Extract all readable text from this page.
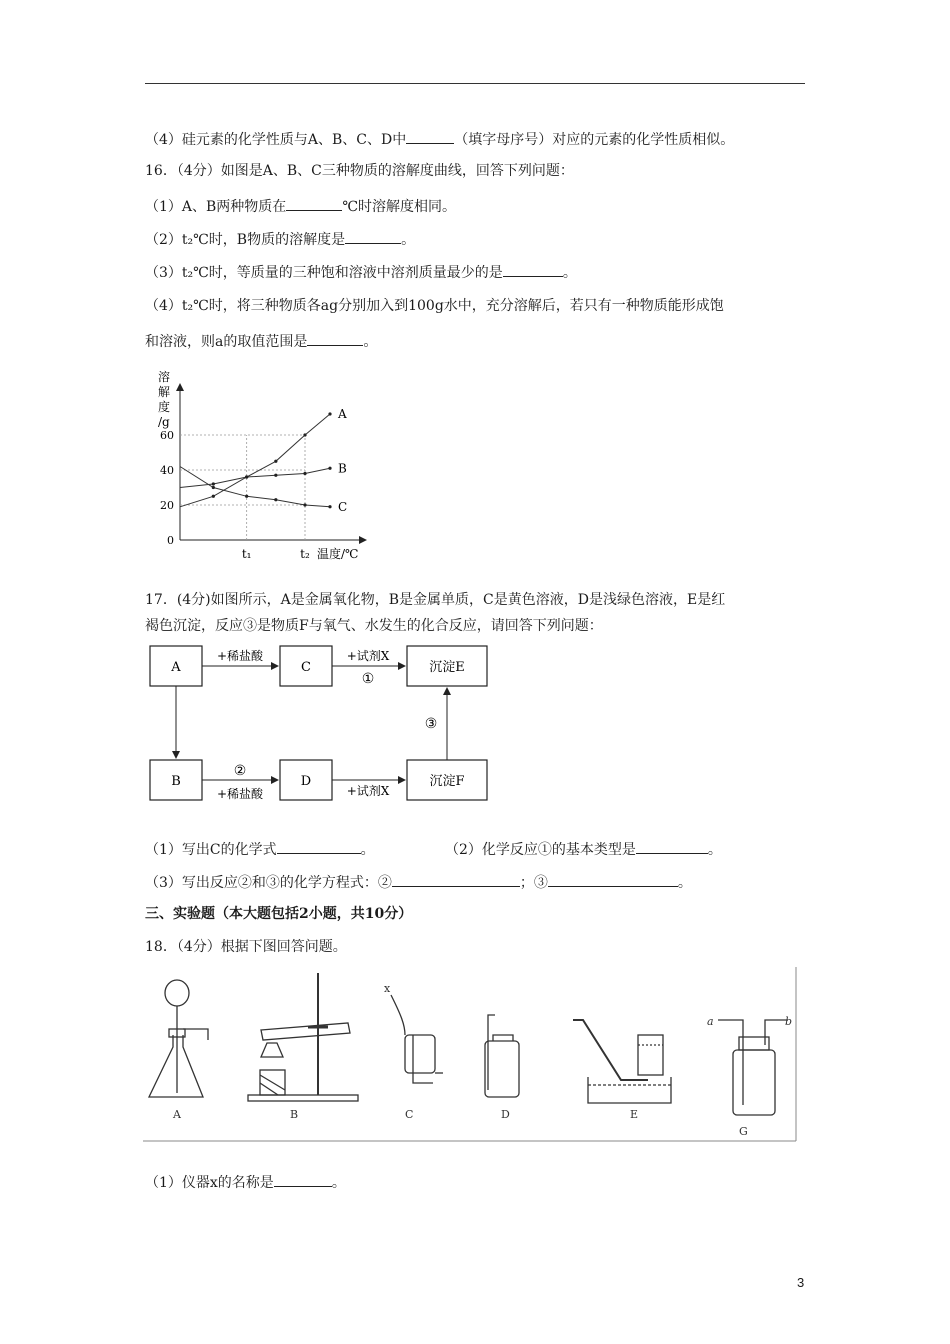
（4）硅元素的化学性质与A、B、C、D中	（填字母序号）对应的元素的化学性质相似。
16．（4分）如图是A、B、C三种物质的溶解度曲线，回答下列问题：
（1）A、B两种物质在	℃时溶解度相同。
（2）t₂℃时，B物质的溶解度是	。
（3）t₂℃时，等质量的三种饱和溶液中溶剂质量最少的是	。
（4）t₂℃时，将三种物质各ag分别加入到100g水中，充分溶解后，若只有一种物质能形成饱
和溶液，则a的取值范围是	。
溶
解
度
/g
0
20
40
60
t₁	t₂ 温度/℃
A
B
C
17．(4分)如图所示，A是金属氧化物，B是金属单质，C是黄色溶液，D是浅绿色溶液，E是红
褐色沉淀，反应③是物质F与氧气、水发生的化合反应，请回答下列问题：
A	C	沉淀E
B	D	沉淀F
+稀盐酸	+试剂X
①
②
+稀盐酸	+试剂X
③
（1）写出C的化学式	。	（2）化学反应①的基本类型是	。
（3）写出反应②和③的化学方程式：②	；③	。
三、实验题（本大题包括2小题，共10分）
18．（4分）根据下图回答问题。
A	B	C	D	E
G
x
a	b
（1）仪器x的名称是	。
3
